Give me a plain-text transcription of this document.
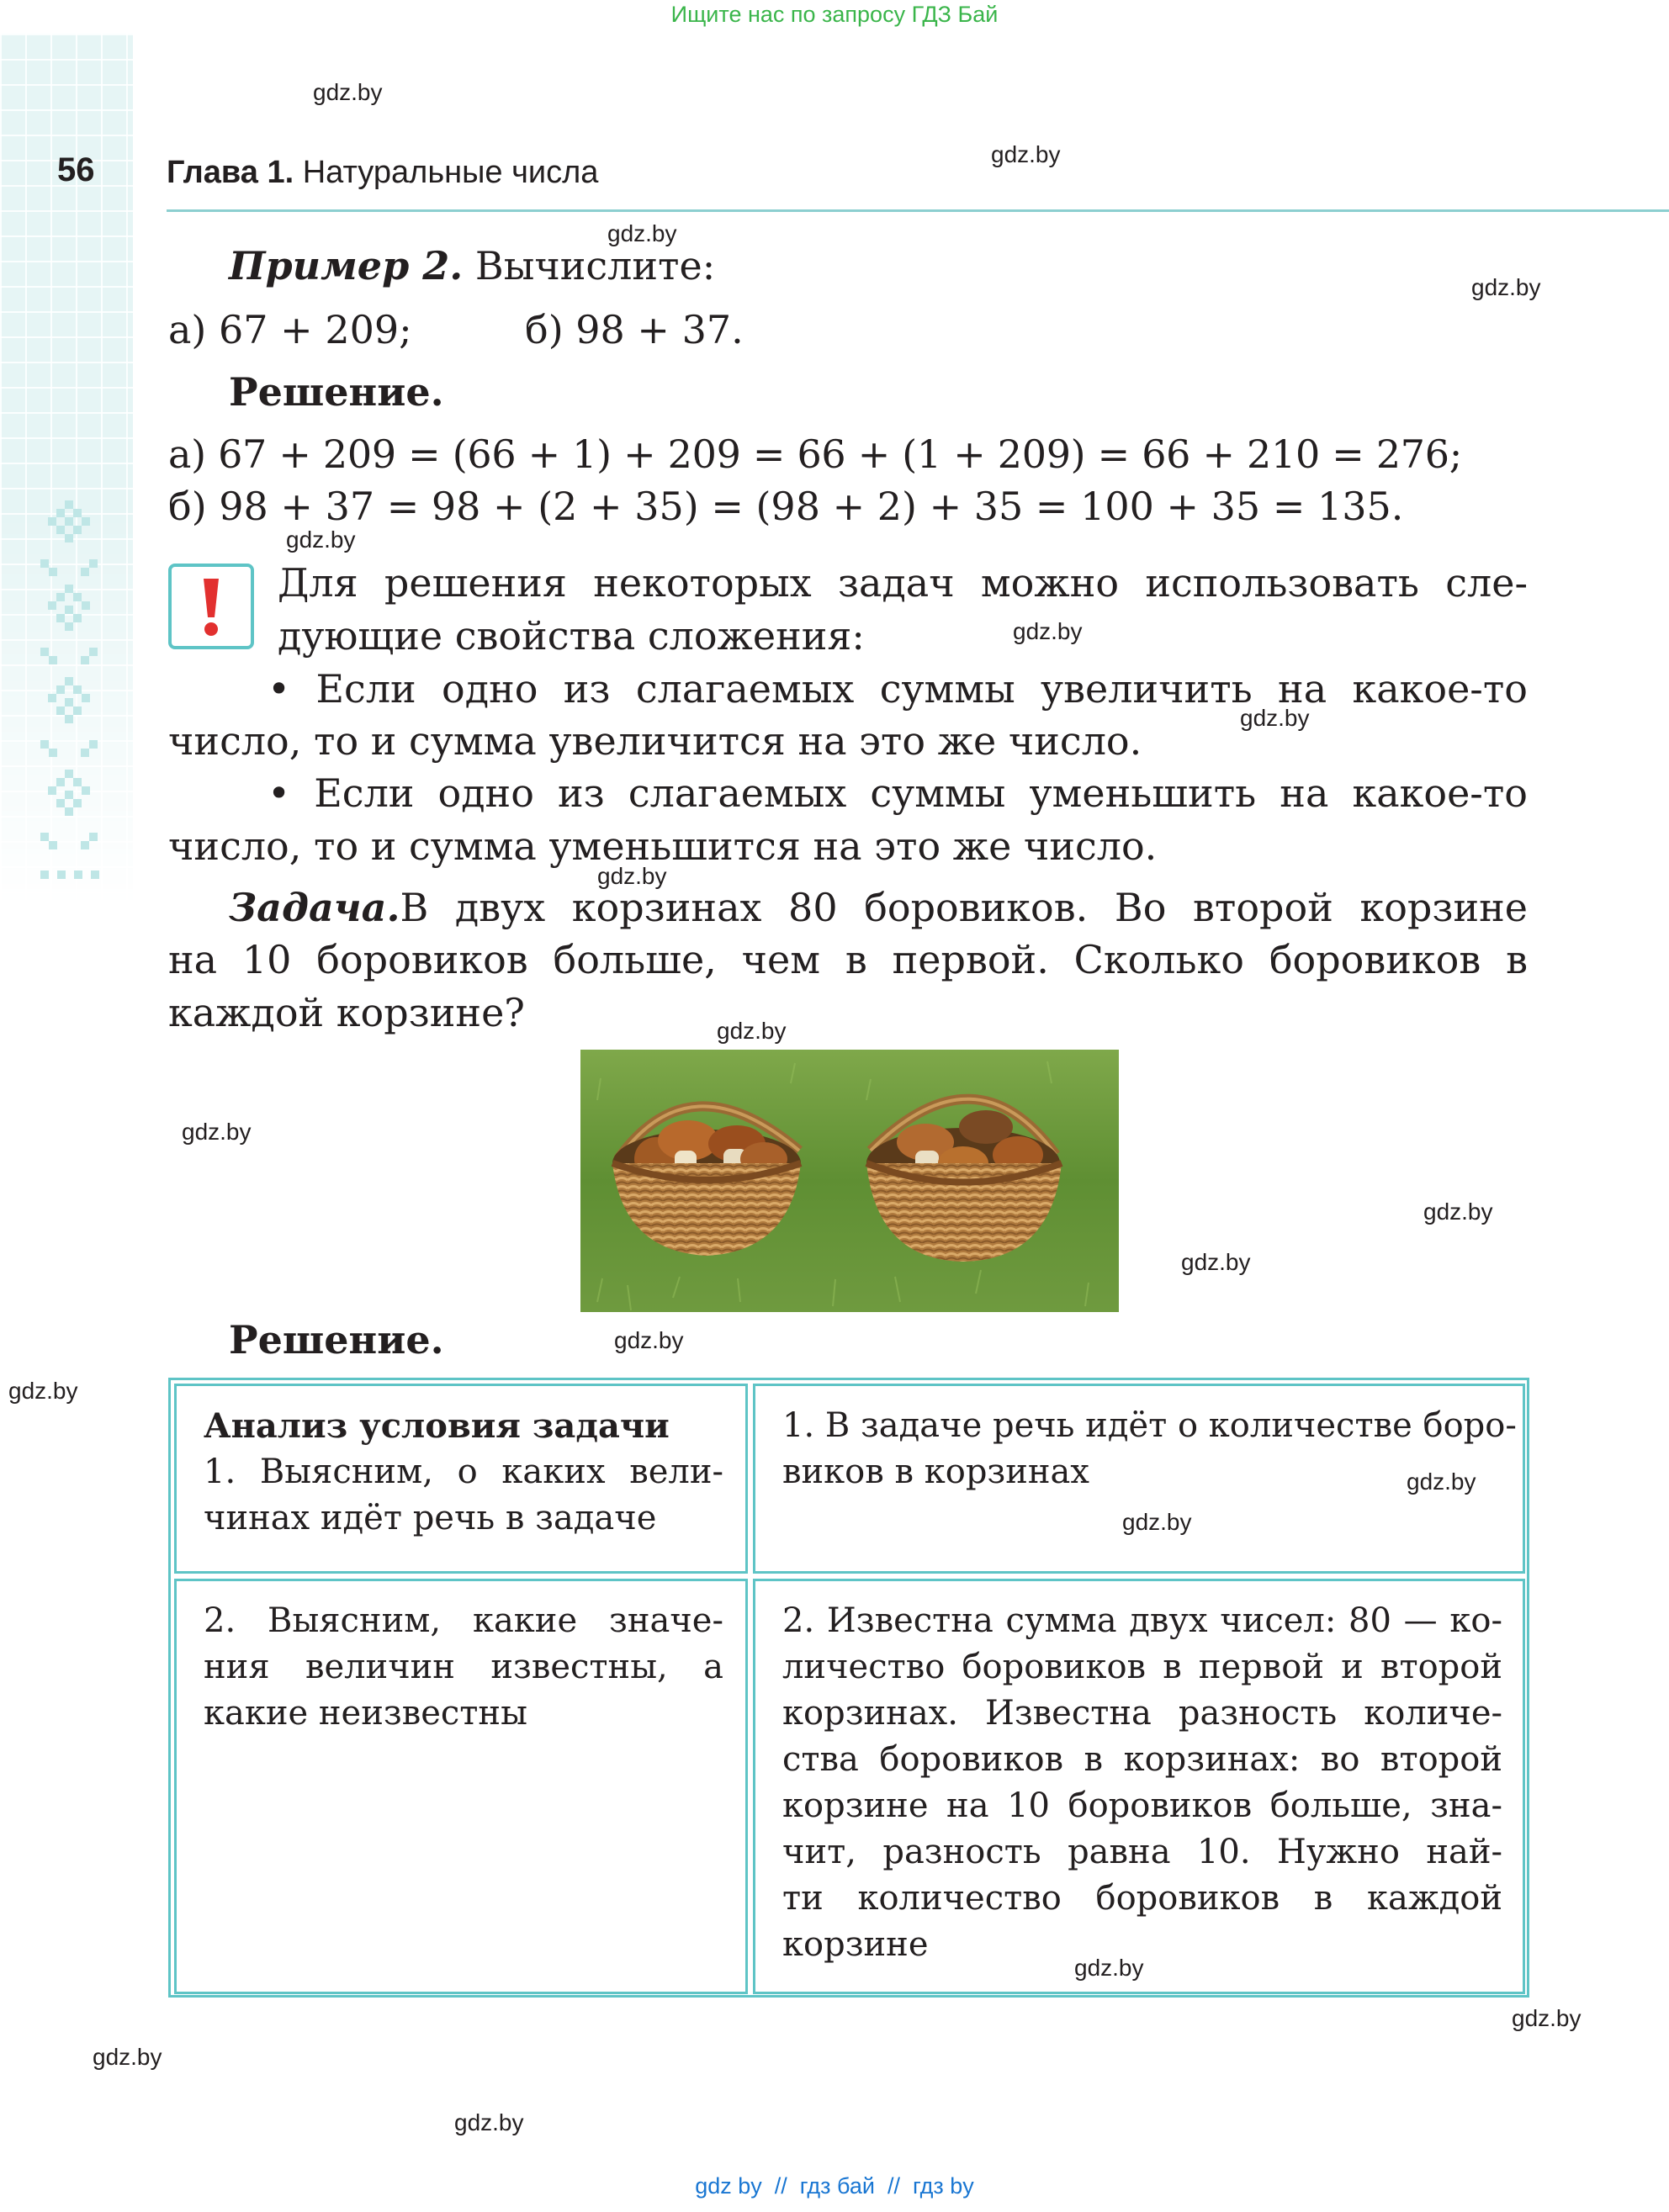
Ищите нас по запросу ГДЗ Бай
56 Глава 1. Натуральные числа
gdz.by
gdz.by
gdz.by
gdz.by
gdz.by
gdz.by
gdz.by
gdz.by
gdz.by
gdz.by
gdz.by
gdz.by
gdz.by
gdz.by
gdz.by
gdz.by
gdz.by
gdz.by
gdz.by
gdz.by
Пример 2. Вычислите:
а) 67 + 209;	б) 98 + 37.
Решение.
а) 67 + 209 = (66 + 1) + 209 = 66 + (1 + 209) = 66 + 210 = 276;
б) 98 + 37 = 98 + (2 + 35) = (98 + 2) + 35 = 100 + 35 = 135.
Для решения некоторых задач можно использовать сле-
дующие свойства сложения:
• Если одно из слагаемых суммы увеличить на какое-то
число, то и сумма увеличится на это же число.
• Если одно из слагаемых суммы уменьшить на какое-то
число, то и сумма уменьшится на это же число.
Задача. В двух корзинах 80 боровиков. Во второй корзине
на 10 боровиков больше, чем в первой. Сколько боровиков в
каждой корзине?
Решение.
Анализ условия задачи
1. Выясним, о каких вели-
чинах идёт речь в задаче
1. В задаче речь идёт о количестве боро-
виков в корзинах
2. Выясним, какие значе-
ния величин известны, а
какие неизвестны
2. Известна сумма двух чисел: 80 — ко-
личество боровиков в первой и второй
корзинах. Известна разность количе-
ства боровиков в корзинах: во второй
корзине на 10 боровиков больше, зна-
чит, разность равна 10. Нужно най-
ти количество боровиков в каждой
корзине
gdz by  //  гдз бай  //  гдз by
